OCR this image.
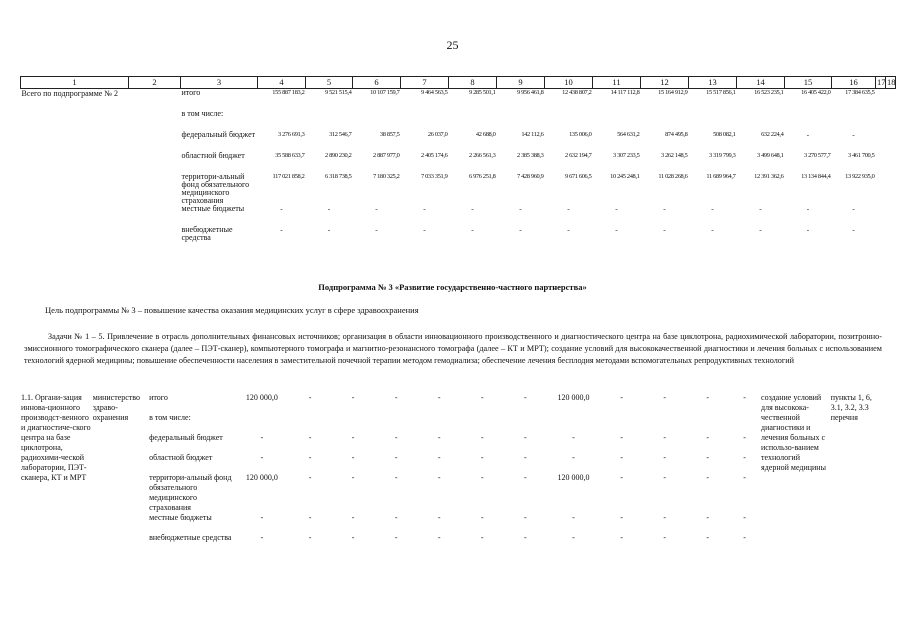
25
1	2	3	4	5	6	7	8	9	10	11	12	13	14	15	16	17	18
Всего по подпрограмме № 2		итого	155 887 183,2	9 521 515,4	10 107 159,7	9 464 563,5	9 285 501,1	9 956 461,8	12 438 807,2	14 117 112,8	15 164 912,9	15 517 856,1	16 523 235,1	16 405 422,0	17 384 635,5		
		в том числе:															
		федеральный бюджет	3 276 691,3	312 546,7	38 857,5	26 037,0	42 688,0	142 112,6	135 006,0	564 631,2	874 495,8	508 082,1	632 224,4	-	-		
		областной бюджет	35 588 633,7	2 890 230,2	2 887 977,0	2 405 174,6	2 266 561,3	2 385 388,3	2 632 194,7	3 307 233,5	3 262 148,5	3 319 799,3	3 499 648,1	3 270 577,7	3 461 700,5		
		территори-альный фонд обязательного медицинского страхования	117 021 858,2	6 318 738,5	7 180 325,2	7 033 351,9	6 976 251,8	7 428 960,9	9 671 606,5	10 245 248,1	11 028 268,6	11 689 964,7	12 391 362,6	13 134 844,4	13 922 935,0		
		местные бюджеты	-	-	-	-	-	-	-	-	-	-	-	-	-		
		внебюджетные средства	-	-	-	-	-	-	-	-	-	-	-	-	-		
Подпрограмма № 3 «Развитие государственно-частного партнерства»
Цель подпрограммы № 3 – повышение качества оказания медицинских услуг в сфере здравоохранения
Задачи № 1 – 5. Привлечение в отрасль дополнительных финансовых источников; организация в области инновационного производственного и диагностического центра на базе циклотрона, радиохимической лаборатории, позитронно-эмиссионного томографического сканера (далее – ПЭТ-сканер), компьютерного томографа и магнитно-резонансного томографа (далее – КТ и МРТ); создание условий для высококачественной диагностики и лечения больных с использованием технологий ядерной медицины; повышение обеспеченности населения в заместительной почечной терапии методом гемодиализа; обеспечение лечения бесплодия методами вспомогательных репродуктивных технологий
1.1. Органи-зация иннова-ционного производст-венного и диагностиче-ского центра на базе циклотрона, радиохими-ческой лаборатории, ПЭТ-сканера, КТ и МРТ	министерство здраво-охранения	итого	120 000,0	-	-	-	-	-	-	120 000,0	-	-	-	-	создание условий для высокока-чественной диагностики и лечения больных с использо-ванием технологий ядерной медицины	пункты 1, 6, 3.1, 3.2, 3.3 перечня
		в том числе:														
		федеральный бюджет	-	-	-	-	-	-	-	-	-	-	-	-		
		областной бюджет	-	-	-	-	-	-	-	-	-	-	-	-		
		территори-альный фонд обязательного медицинского страхования	120 000,0	-	-	-	-	-	-	120 000,0	-	-	-	-		
		местные бюджеты	-	-	-	-	-	-	-	-	-	-	-	-		
		внебюджетные средства	-	-	-	-	-	-	-	-	-	-	-	-		
